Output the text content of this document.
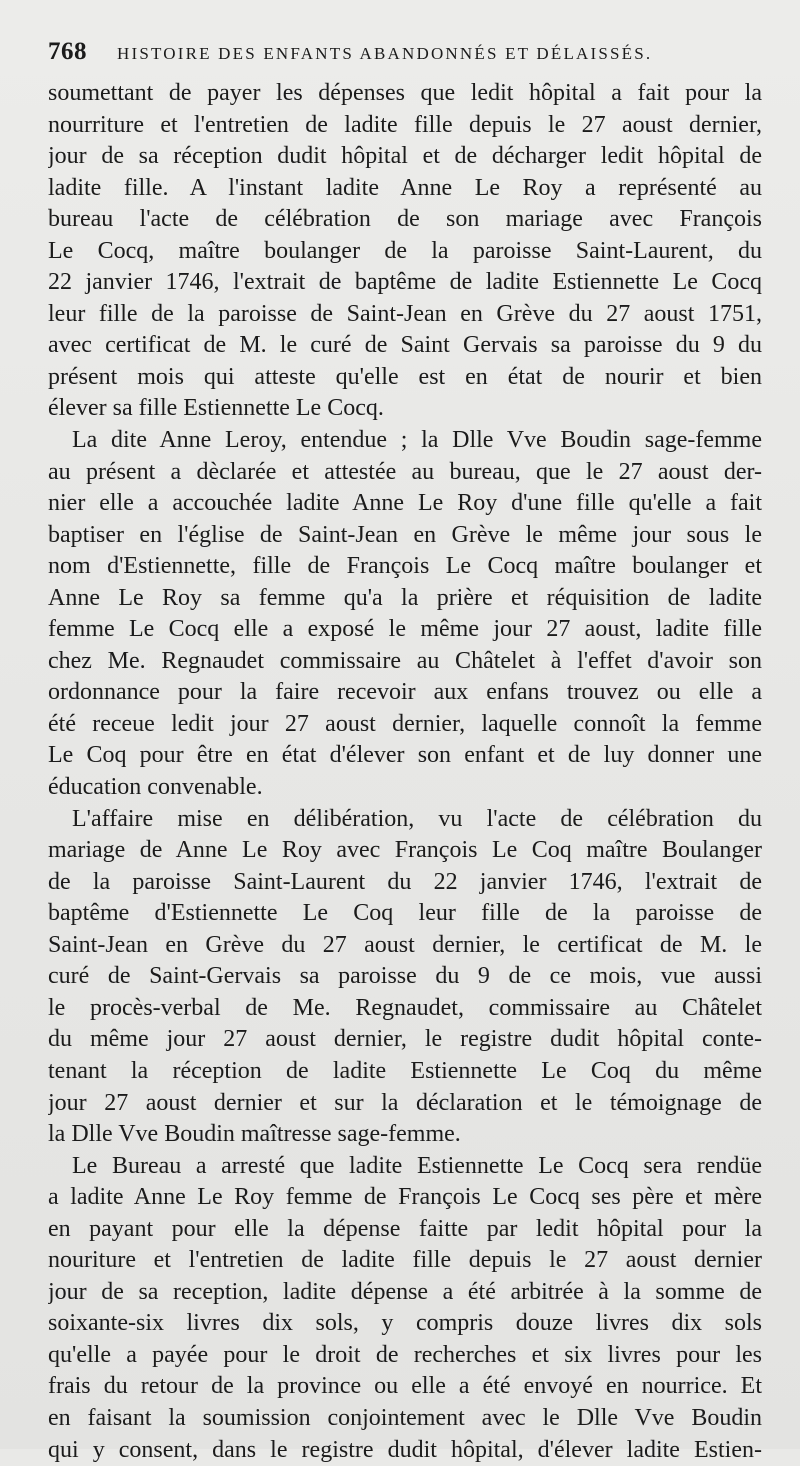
768 HISTOIRE DES ENFANTS ABANDONNÉS ET DÉLAISSÉS.
soumettant de payer les dépenses que ledit hôpital a fait pour la
nourriture et l'entretien de ladite fille depuis le 27 aoust dernier,
jour de sa réception dudit hôpital et de décharger ledit hôpital de
ladite fille. A l'instant ladite Anne Le Roy a représenté au
bureau l'acte de célébration de son mariage avec François
Le Cocq, maître boulanger de la paroisse Saint-Laurent, du
22 janvier 1746, l'extrait de baptême de ladite Estiennette Le Cocq
leur fille de la paroisse de Saint-Jean en Grève du 27 aoust 1751,
avec certificat de M. le curé de Saint Gervais sa paroisse du 9 du
présent mois qui atteste qu'elle est en état de nourir et bien
élever sa fille Estiennette Le Cocq.
La dite Anne Leroy, entendue ; la Dlle Vve Boudin sage-femme
au présent a dèclarée et attestée au bureau, que le 27 aoust der-
nier elle a accouchée ladite Anne Le Roy d'une fille qu'elle a fait
baptiser en l'église de Saint-Jean en Grève le même jour sous le
nom d'Estiennette, fille de François Le Cocq maître boulanger et
Anne Le Roy sa femme qu'a la prière et réquisition de ladite
femme Le Cocq elle a exposé le même jour 27 aoust, ladite fille
chez Me. Regnaudet commissaire au Châtelet à l'effet d'avoir son
ordonnance pour la faire recevoir aux enfans trouvez ou elle a
été receue ledit jour 27 aoust dernier, laquelle connoît la femme
Le Coq pour être en état d'élever son enfant et de luy donner une
éducation convenable.
L'affaire mise en délibération, vu l'acte de célébration du
mariage de Anne Le Roy avec François Le Coq maître Boulanger
de la paroisse Saint-Laurent du 22 janvier 1746, l'extrait de
baptême d'Estiennette Le Coq leur fille de la paroisse de
Saint-Jean en Grève du 27 aoust dernier, le certificat de M. le
curé de Saint-Gervais sa paroisse du 9 de ce mois, vue aussi
le procès-verbal de Me. Regnaudet, commissaire au Châtelet
du même jour 27 aoust dernier, le registre dudit hôpital conte-
tenant la réception de ladite Estiennette Le Coq du même
jour 27 aoust dernier et sur la déclaration et le témoignage de
la Dlle Vve Boudin maîtresse sage-femme.
Le Bureau a arresté que ladite Estiennette Le Cocq sera rendüe
a ladite Anne Le Roy femme de François Le Cocq ses père et mère
en payant pour elle la dépense faitte par ledit hôpital pour la
nouriture et l'entretien de ladite fille depuis le 27 aoust dernier
jour de sa reception, ladite dépense a été arbitrée à la somme de
soixante-six livres dix sols, y compris douze livres dix sols
qu'elle a payée pour le droit de recherches et six livres pour les
frais du retour de la province ou elle a été envoyé en nourrice. Et
en faisant la soumission conjointement avec le Dlle Vve Boudin
qui y consent, dans le registre dudit hôpital, d'élever ladite Estien-
